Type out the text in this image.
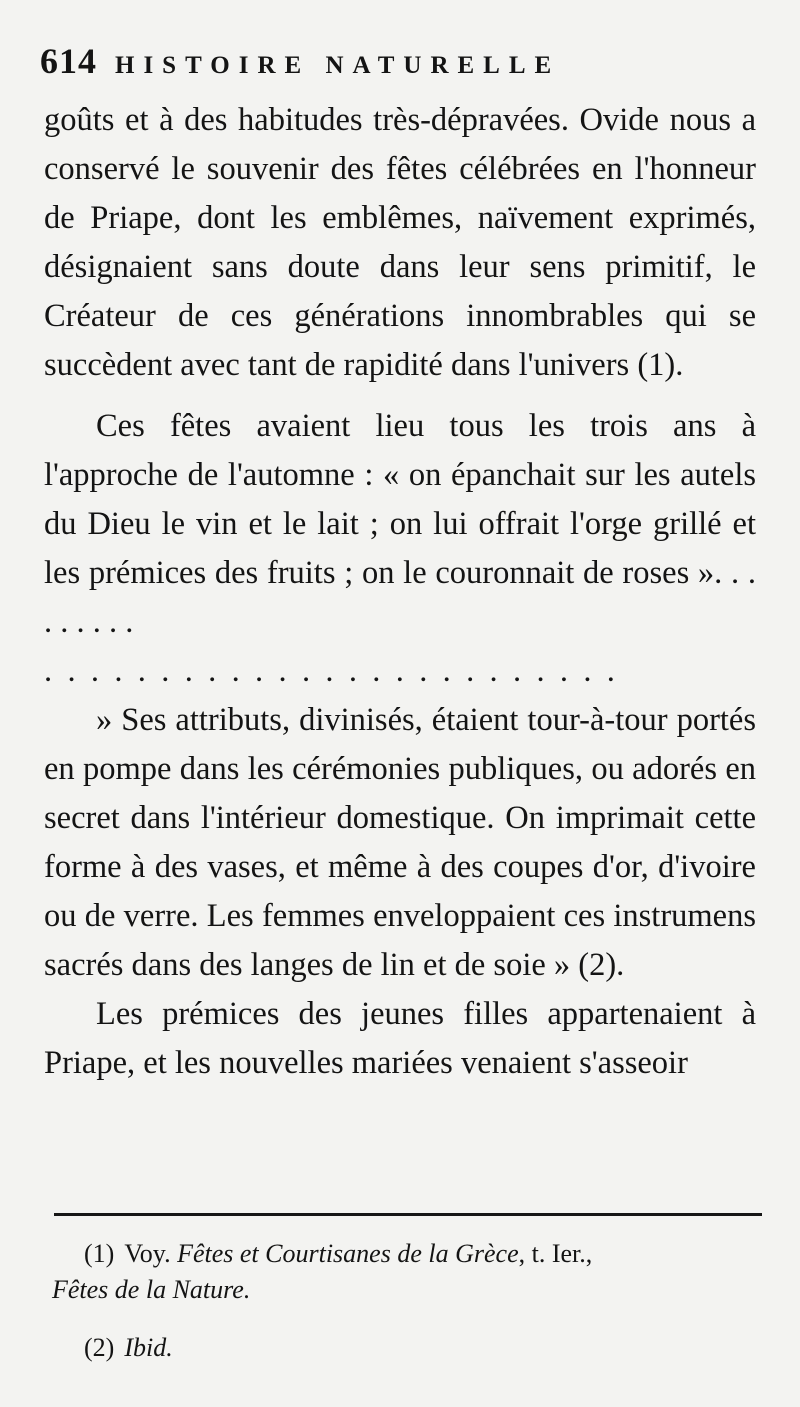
614 HISTOIRE NATURELLE

goûts et à des habitudes très-dépravées. Ovide nous a conservé le souvenir des fêtes célébrées en l'honneur de Priape, dont les emblêmes, naïvement exprimés, désignaient sans doute dans leur sens primitif, le Créateur de ces générations innombrables qui se succèdent avec tant de rapidité dans l'univers (1).

Ces fêtes avaient lieu tous les trois ans à l'approche de l'automne : « on épanchait sur les autels du Dieu le vin et le lait ; on lui offrait l'orge grillé et les prémices des fruits ; on le couronnait de roses ». . . . . . . . .

. . . . . . . . . . . . . . . . . . . . . . . . .

» Ses attributs, divinisés, étaient tour-à-tour portés en pompe dans les cérémonies publiques, ou adorés en secret dans l'intérieur domestique. On imprimait cette forme à des vases, et même à des coupes d'or, d'ivoire ou de verre. Les femmes enveloppaient ces instrumens sacrés dans des langes de lin et de soie » (2).

Les prémices des jeunes filles appartenaient à Priape, et les nouvelles mariées venaient s'asseoir

(1) Voy. Fêtes et Courtisanes de la Grèce, t. Ier.,
Fêtes de la Nature.

(2) Ibid.
